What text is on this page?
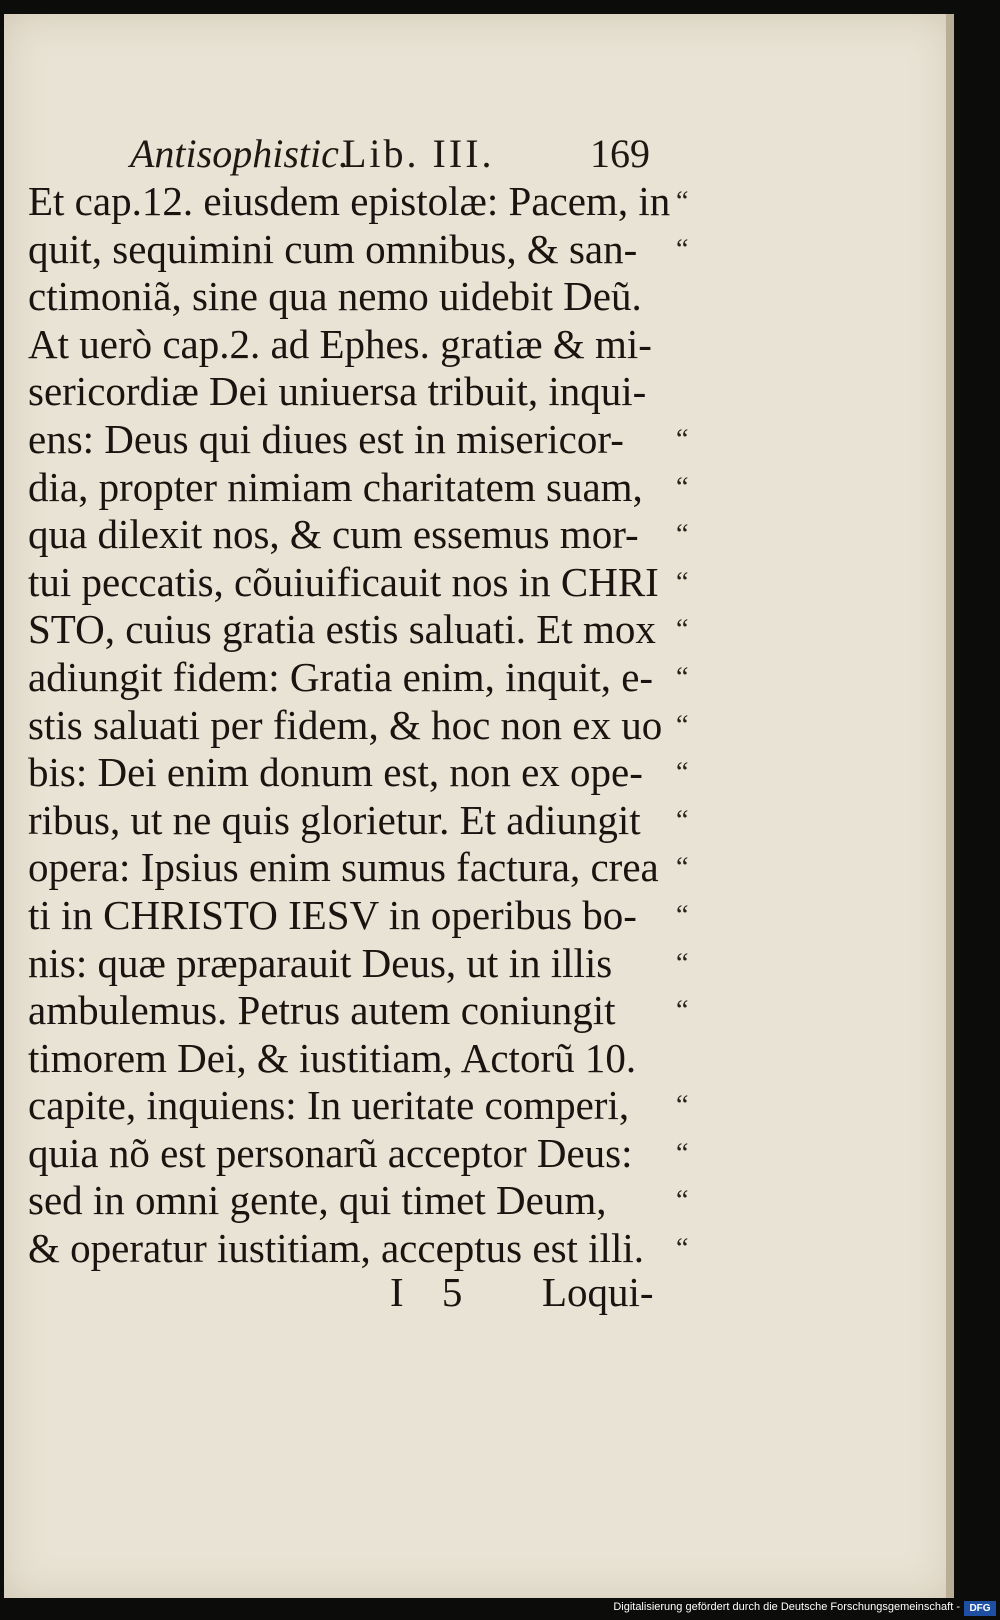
Antisophistic.
Lib. III. 169
Et cap.12. eiusdem epistolæ: Pacem, in “
quit, sequimini cum omnibus, & san- “
ctimoniã, sine qua nemo uidebit Deũ.
At uerò cap.2. ad Ephes. gratiæ & mi-
sericordiæ Dei uniuersa tribuit, inqui-
ens: Deus qui diues est in misericor- “
dia, propter nimiam charitatem suam, “
qua dilexit nos, & cum essemus mor- “
tui peccatis, cõuiuificauit nos in CHRI “
STO, cuius gratia estis saluati. Et mox “
adiungit fidem: Gratia enim, inquit, e- “
stis saluati per fidem, & hoc non ex uo “
bis: Dei enim donum est, non ex ope- “
ribus, ut ne quis glorietur. Et adiungit “
opera: Ipsius enim sumus factura, crea “
ti in CHRISTO IESV in operibus bo- “
nis: quæ præparauit Deus, ut in illis “
ambulemus. Petrus autem coniungit “
timorem Dei, & iustitiam, Actorũ 10.
capite, inquiens: In ueritate comperi, “
quia nõ est personarũ acceptor Deus: “
sed in omni gente, qui timet Deum, “
& operatur iustitiam, acceptus est illi. “
I 5 Loqui-
Digitalisierung gefördert durch die Deutsche Forschungsgemeinschaft - DFG
